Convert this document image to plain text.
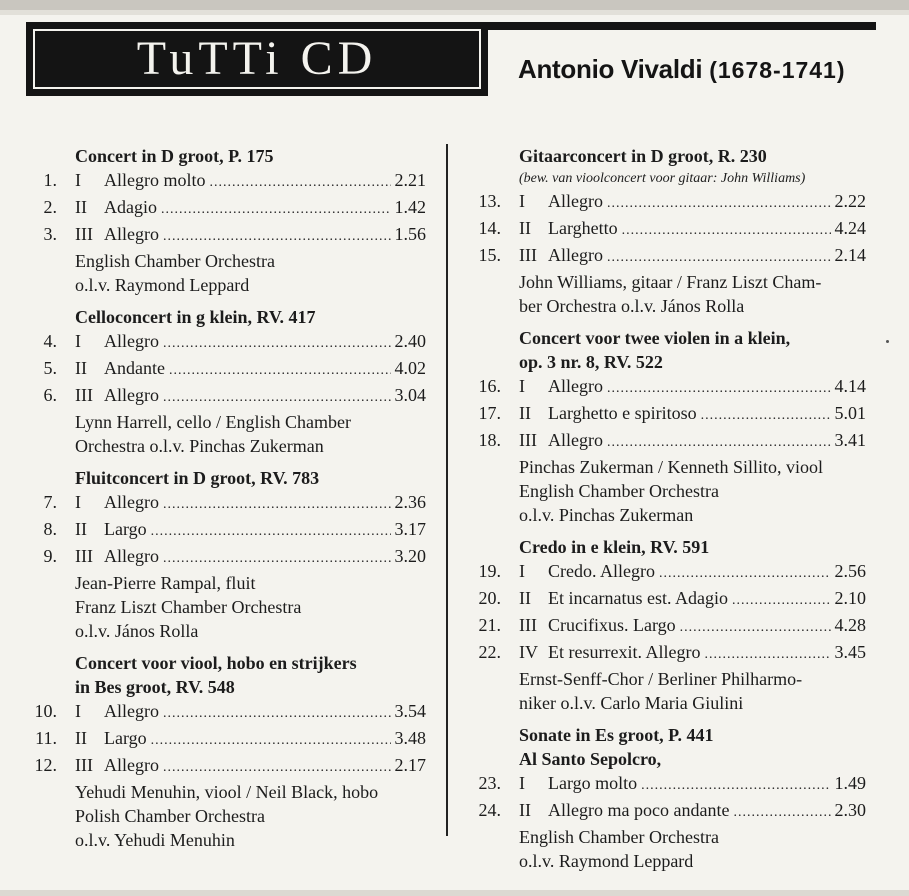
TuTTi CD	Antonio Vivaldi (1678-1741)
Concert in D groot, P. 175
1.	I	Allegro molto .....	2.21
2.	II Adagio .....	1.42
3.	III Allegro .....	1.56
English Chamber Orchestra
o.l.v. Raymond Leppard
Celloconcert in g klein, RV. 417
4.	I	Allegro .....	2.40
5.	II Andante .....	4.02
6.	III Allegro .....	3.04
Lynn Harrell, cello / English Chamber
Orchestra o.l.v. Pinchas Zukerman
Fluitconcert in D groot, RV. 783
7.	I	Allegro .....	2.36
8.	II Largo .....	3.17
9.	III Allegro .....	3.20
Jean-Pierre Rampal, fluit
Franz Liszt Chamber Orchestra
o.l.v. János Rolla
Concert voor viool, hobo en strijkers
in Bes groot, RV. 548
10.	I	Allegro .....	3.54
11.	II Largo .....	3.48
12.	III Allegro .....	2.17
Yehudi Menuhin, viool / Neil Black, hobo
Polish Chamber Orchestra
o.l.v. Yehudi Menuhin
Gitaarconcert in D groot, R. 230
(bew. van vioolconcert voor gitaar: John Williams)
13.	I	Allegro .....	2.22
14.	II Larghetto .....	4.24
15.	III Allegro .....	2.14
John Williams, gitaar / Franz Liszt Cham-
ber Orchestra o.l.v. János Rolla
Concert voor twee violen in a klein,
op. 3 nr. 8, RV. 522
16.	I	Allegro .....	4.14
17.	II Larghetto e spiritoso .....	5.01
18.	III Allegro .....	3.41
Pinchas Zukerman / Kenneth Sillito, viool
English Chamber Orchestra
o.l.v. Pinchas Zukerman
Credo in e klein, RV. 591
19.	I	Credo. Allegro .....	2.56
20.	II Et incarnatus est. Adagio .....	2.10
21.	III Crucifixus. Largo .....	4.28
22.	IV Et resurrexit. Allegro .....	3.45
Ernst-Senff-Chor / Berliner Philharmo-
niker o.l.v. Carlo Maria Giulini
Sonate in Es groot, P. 441
Al Santo Sepolcro,
23.	I	Largo molto .....	1.49
24.	II Allegro ma poco andante .....	2.30
English Chamber Orchestra
o.l.v. Raymond Leppard
